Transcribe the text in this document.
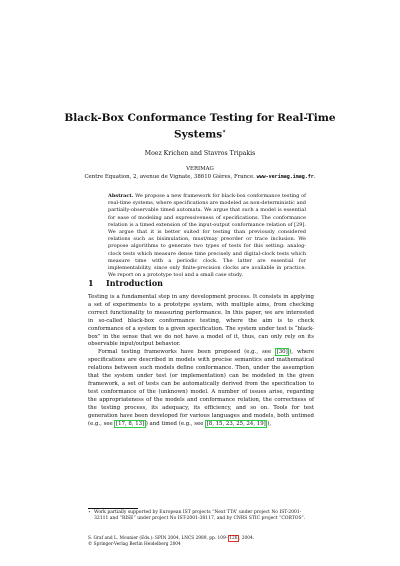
Black-Box Conformance Testing for Real-Time
Systems⋆
Moez Krichen and Stavros Tripakis
VERIMAG
Centre Equation, 2, avenue de Vignate, 38610 Gières, France. www-verimag.imag.fr.
Abstract. We propose a new framework for black-box conformance testing of real-time systems, where specifications are modeled as non-deterministic and partially-observable timed automata. We argue that such a model is essential for ease of modeling and expressiveness of specifications. The conformance relation is a timed extension of the input-output conformance relation of [29]. We argue that it is better suited for testing than previously considered relations such as bisimulation, must/may preorder or trace inclusion. We propose algorithms to generate two types of tests for this setting: analog-clock tests which measure dense time precisely and digital-clock tests which measure time with a periodic clock. The latter are essential for implementability, since only finite-precision clocks are available in practice. We report on a prototype tool and a small case study.
1 Introduction

Testing is a fundamental step in any development process. It consists in applying a set of experiments to a prototype system, with multiple aims, from checking correct functionality to measuring performance. In this paper, we are interested in so-called black-box conformance testing, where the aim is to check conformance of a system to a given specification. The system under test is “black-box” in the sense that we do not have a model of it, thus, can only rely on its observable input/output behavior.

Formal testing frameworks have been proposed (e.g., see [30] ), where specifications are described in models with precise semantics and mathematical relations between such models define conformance. Then, under the assumption that the system under test (or implementation) can be modeled in the given framework, a set of tests can be automatically derived from the specification to test conformance of the (unknown) model. A number of issues arise, regarding the appropriateness of the models and conformance relation, the correctness of the testing process, its adequacy, its efficiency, and so on. Tools for test generation have been developed for various languages and models, both untimed (e.g., see [17, 8, 13] ) and timed (e.g., see [8, 15, 23, 25, 24, 19] ),

⋆ Work partially supported by European IST projects “Next TTA” under project No IST-2001-32111 and “RISE” under project No IST-2001-38117, and by CNRS STIC project “CORTOS”.
S. Graf and L. Mounier (Eds.): SPIN 2004, LNCS 2989, pp. 109– 126 , 2004.
© Springer-Verlag Berlin Heidelberg 2004
